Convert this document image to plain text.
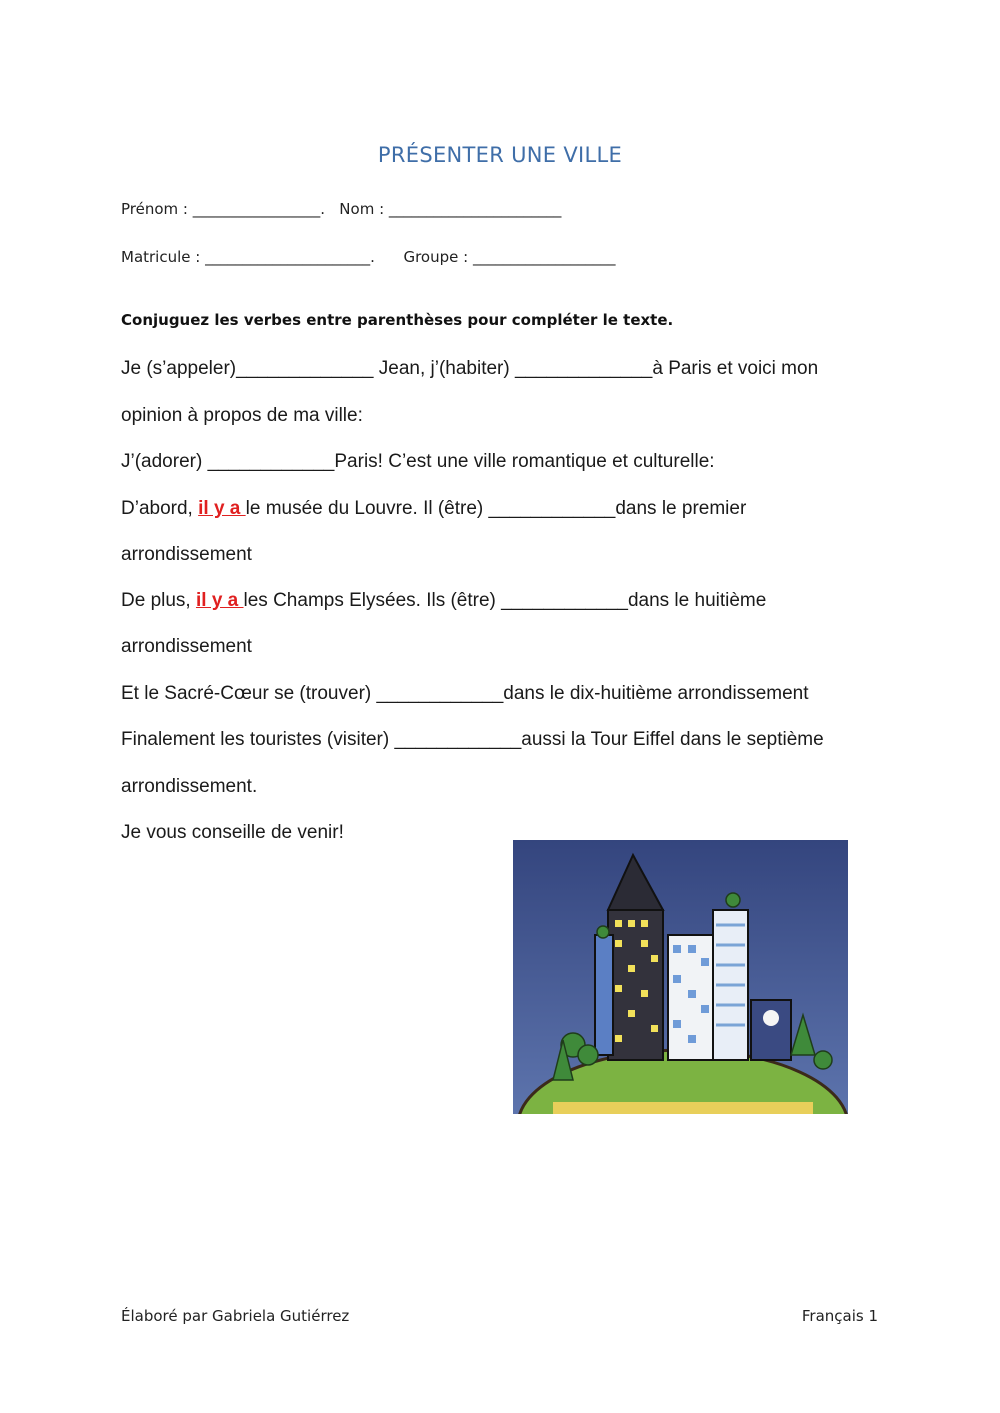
PRÉSENTER UNE VILLE
Prénom : _________________.   Nom : _______________________
Matricule : ______________________.      Groupe : ___________________
Conjuguez les verbes entre parenthèses pour compléter le texte.
Je (s’appeler)_____________ Jean, j’(habiter) _____________à Paris et voici mon
opinion à propos de ma ville:
J’(adorer) ____________Paris! C’est une ville romantique et culturelle:
D’abord, il y a le musée du Louvre. Il (être) ____________dans le premier
arrondissement
De plus, il y a les Champs Elysées. Ils (être) ____________dans le huitième
arrondissement
Et le Sacré-Cœur se (trouver) ____________dans le dix-huitième arrondissement
Finalement les touristes (visiter) ____________aussi la Tour Eiffel dans le septième
arrondissement.
Je vous conseille de venir!
Élaboré par Gabriela Gutiérrez	Français 1
